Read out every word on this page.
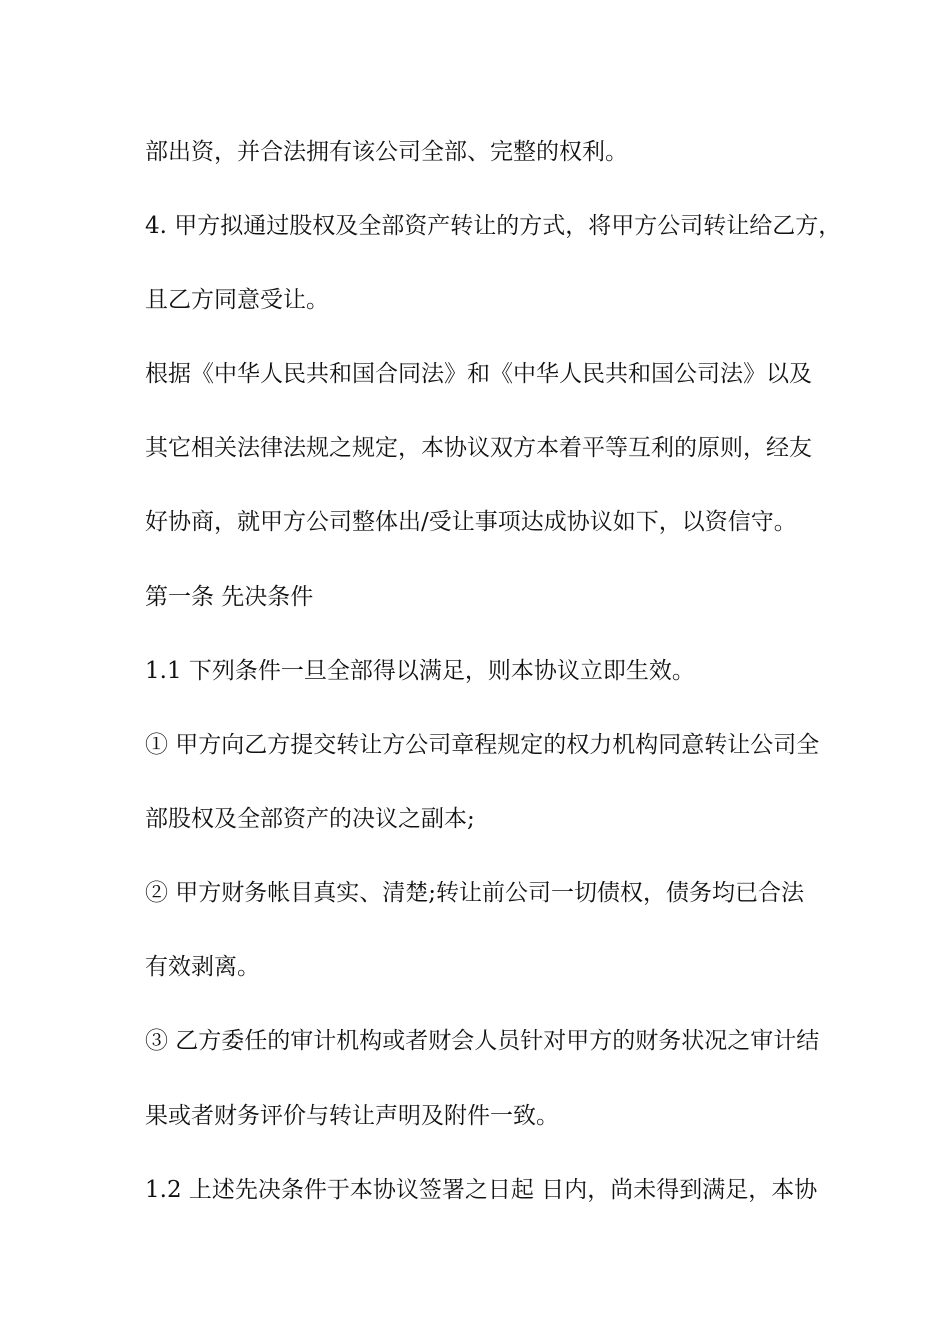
部出资，并合法拥有该公司全部、完整的权利。

4. 甲方拟通过股权及全部资产转让的方式，将甲方公司转让给乙方，

且乙方同意受让。

根据《中华人民共和国合同法》和《中华人民共和国公司法》以及

其它相关法律法规之规定，本协议双方本着平等互利的原则，经友

好协商，就甲方公司整体出/受让事项达成协议如下，以资信守。

第一条 先决条件

1.1 下列条件一旦全部得以满足，则本协议立即生效。

① 甲方向乙方提交转让方公司章程规定的权力机构同意转让公司全

部股权及全部资产的决议之副本;

② 甲方财务帐目真实、清楚;转让前公司一切债权，债务均已合法

有效剥离。

③ 乙方委任的审计机构或者财会人员针对甲方的财务状况之审计结

果或者财务评价与转让声明及附件一致。

1.2 上述先决条件于本协议签署之日起 日内，尚未得到满足，本协
